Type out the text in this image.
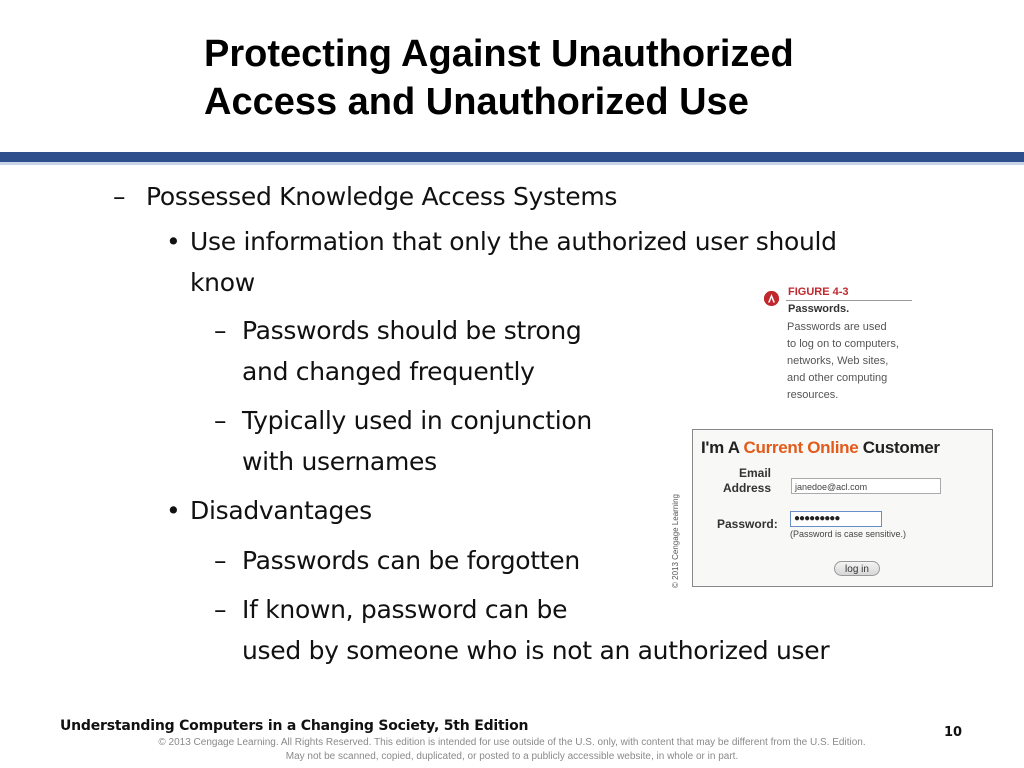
Protecting Against Unauthorized
Access and Unauthorized Use
– Possessed Knowledge Access Systems
• Use information that only the authorized user should
know
– Passwords should be strong
and changed frequently
– Typically used in conjunction
with usernames
• Disadvantages
– Passwords can be forgotten
– If known, password can be
used by someone who is not an authorized user
FIGURE 4-3
Passwords.
Passwords are used
to log on to computers,
networks, Web sites,
and other computing
resources.
I'm A Current Online Customer
Email
Address	janedoe@acl.com
Password:	●●●●●●●●●
(Password is case sensitive.)
log in
© 2013 Cengage Learning
Understanding Computers in a Changing Society, 5th Edition	10
© 2013 Cengage Learning. All Rights Reserved. This edition is intended for use outside of the U.S. only, with content that may be different from the U.S. Edition.
May not be scanned, copied, duplicated, or posted to a publicly accessible website, in whole or in part.
